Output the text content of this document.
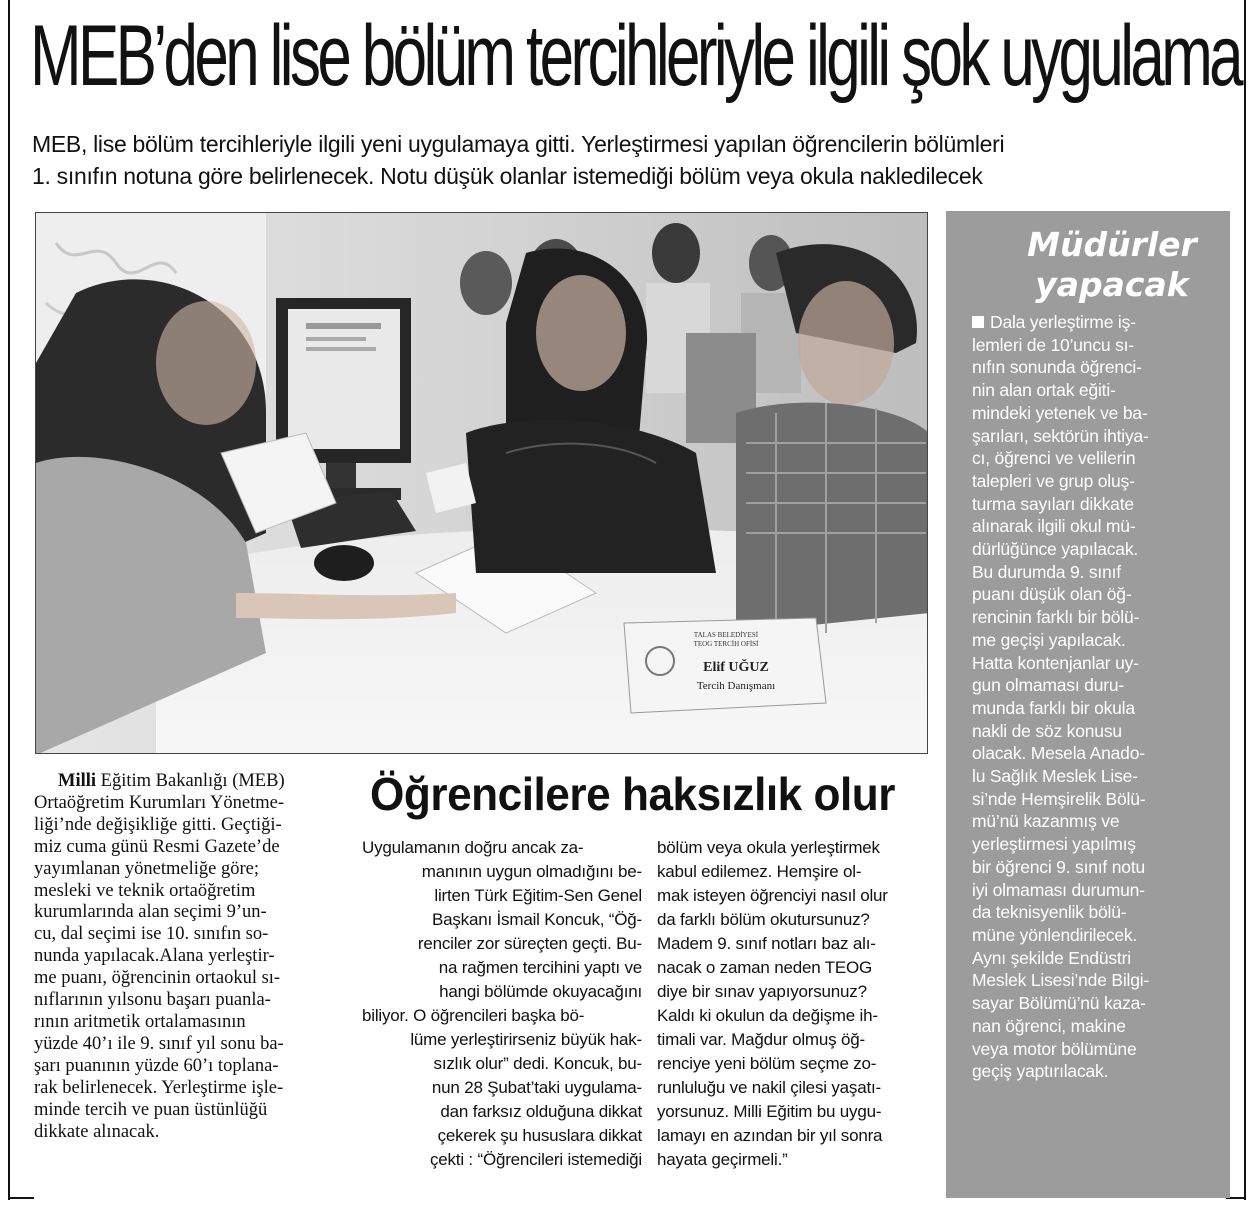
MEB’den lise bölüm tercihleriyle ilgili şok uygulama
MEB, lise bölüm tercihleriyle ilgili yeni uygulamaya gitti. Yerleştirmesi yapılan öğrencilerin bölümleri
1. sınıfın notuna göre belirlenecek. Notu düşük olanlar istemediği bölüm veya okula nakledilecek
TALAS BELEDİYESİ
TEOG TERCİH OFİSİ
Elif UĞUZ
Tercih Danışmanı
Müdürler
yapacak
Dala yerleştirme iş-
lemleri de 10’uncu sı-
nıfın sonunda öğrenci-
nin alan ortak eğiti-
mindeki yetenek ve ba-
şarıları, sektörün ihtiya-
cı, öğrenci ve velilerin
talepleri ve grup oluş-
turma sayıları dikkate
alınarak ilgili okul mü-
dürlüğünce yapılacak.
Bu durumda 9. sınıf
puanı düşük olan öğ-
rencinin farklı bir bölü-
me geçişi yapılacak.
Hatta kontenjanlar uy-
gun olmaması duru-
munda farklı bir okula
nakli de söz konusu
olacak. Mesela Anado-
lu Sağlık Meslek Lise-
si’nde Hemşirelik Bölü-
mü’nü kazanmış ve
yerleştirmesi yapılmış
bir öğrenci 9. sınıf notu
iyi olmaması durumun-
da teknisyenlik bölü-
müne yönlendirilecek.
Aynı şekilde Endüstri
Meslek Lisesi’nde Bilgi-
sayar Bölümü’nü kaza-
nan öğrenci, makine
veya motor bölümüne
geçiş yaptırılacak.
Milli Eğitim Bakanlığı (MEB)
Ortaöğretim Kurumları Yönetme-
liği’nde değişikliğe gitti. Geçtiği-
miz cuma günü Resmi Gazete’de
yayımlanan yönetmeliğe göre;
mesleki ve teknik ortaöğretim
kurumlarında alan seçimi 9’un-
cu, dal seçimi ise 10. sınıfın so-
nunda yapılacak.Alana yerleştir-
me puanı, öğrencinin ortaokul sı-
nıflarının yılsonu başarı puanla-
rının aritmetik ortalamasının
yüzde 40’ı ile 9. sınıf yıl sonu ba-
şarı puanının yüzde 60’ı toplana-
rak belirlenecek. Yerleştirme işle-
minde tercih ve puan üstünlüğü
dikkate alınacak.
Öğrencilere haksızlık olur
Uygulamanın doğru ancak za-
manının uygun olmadığını be-
lirten Türk Eğitim-Sen Genel
Başkanı İsmail Koncuk, “Öğ-
renciler zor süreçten geçti. Bu-
na rağmen tercihini yaptı ve
hangi bölümde okuyacağını
biliyor. O öğrencileri başka bö-
lüme yerleştirirseniz büyük hak-
sızlık olur” dedi. Koncuk, bu-
nun 28 Şubat’taki uygulama-
dan farksız olduğuna dikkat
çekerek şu hususlara dikkat
çekti : “Öğrencileri istemediği
bölüm veya okula yerleştirmek
kabul edilemez. Hemşire ol-
mak isteyen öğrenciyi nasıl olur
da farklı bölüm okutursunuz?
Madem 9. sınıf notları baz alı-
nacak o zaman neden TEOG
diye bir sınav yapıyorsunuz?
Kaldı ki okulun da değişme ih-
timali var. Mağdur olmuş öğ-
renciye yeni bölüm seçme zo-
runluluğu ve nakil çilesi yaşatı-
yorsunuz. Milli Eğitim bu uygu-
lamayı en azından bir yıl sonra
hayata geçirmeli.”
